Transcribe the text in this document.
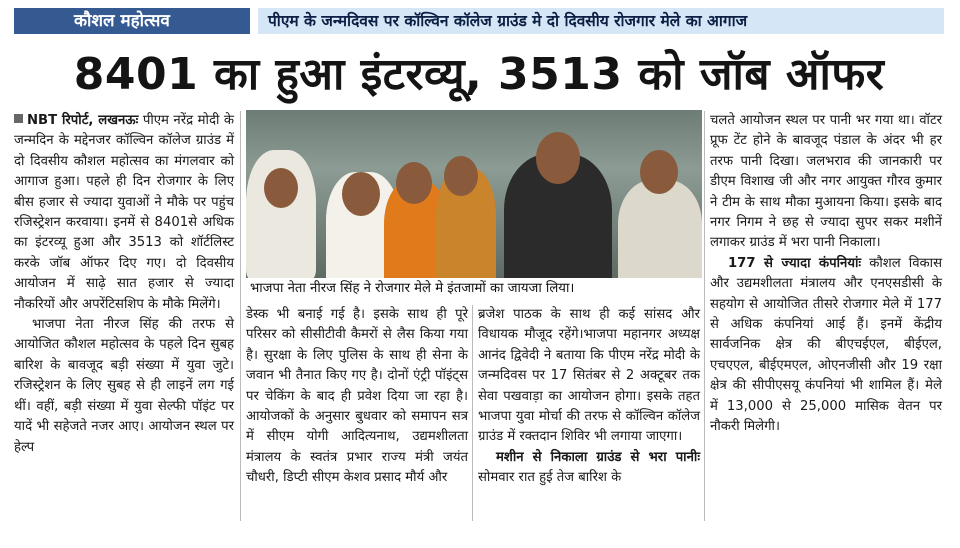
कौशल महोत्सव	पीएम के जन्मदिवस पर कॉल्विन कॉलेज ग्राउंड मे दो दिवसीय रोजगार मेले का आगाज
8401 का हुआ इंटरव्यू, 3513 को जॉब ऑफर

NBT रिपोर्ट, लखनऊः पीएम नरेंद्र मोदी के जन्मदिन के मद्देनजर कॉल्विन कॉलेज ग्राउंड में दो दिवसीय कौशल महोत्सव का मंगलवार को आगाज हुआ। पहले ही दिन रोजगार के लिए बीस हजार से ज्यादा युवाओं ने मौके पर पहुंच रजिस्ट्रेशन करवाया। इनमें से 8401से अधिक का इंटरव्यू हुआ और 3513 को शॉर्टलिस्ट करके जॉब ऑफर दिए गए। दो दिवसीय आयोजन में साढ़े सात हजार से ज्यादा नौकरियों और अपरेंटिसशिप के मौके मिलेंगे।

भाजपा नेता नीरज सिंह की तरफ से आयोजित कौशल महोत्सव के पहले दिन सुबह बारिश के बावजूद बड़ी संख्या में युवा जुटे। रजिस्ट्रेशन के लिए सुबह से ही लाइनें लग गई थीं। वहीं, बड़ी संख्या में युवा सेल्फी पॉइंट पर यादें भी सहेजते नजर आए। आयोजन स्थल पर हेल्प

भाजपा नेता नीरज सिंह ने रोजगार मेले मे इंतजामों का जायजा लिया।

डेस्क भी बनाई गई है। इसके साथ ही पूरे परिसर को सीसीटीवी कैमरों से लैस किया गया है। सुरक्षा के लिए पुलिस के साथ ही सेना के जवान भी तैनात किए गए है। दोनों एंट्री पॉइंट्स पर चेकिंग के बाद ही प्रवेश दिया जा रहा है। आयोजकों के अनुसार बुधवार को समापन सत्र में सीएम योगी आदित्यनाथ, उद्यमशीलता मंत्रालय के स्वतंत्र प्रभार राज्य मंत्री जयंत चौधरी, डिप्टी सीएम केशव प्रसाद मौर्य और

ब्रजेश पाठक के साथ ही कई सांसद और विधायक मौजूद रहेंगे।भाजपा महानगर अध्यक्ष आनंद द्विवेदी ने बताया कि पीएम नरेंद्र मोदी के जन्मदिवस पर 17 सितंबर से 2 अक्टूबर तक सेवा पखवाड़ा का आयोजन होगा। इसके तहत भाजपा युवा मोर्चा की तरफ से कॉल्विन कॉलेज ग्राउंड में रक्तदान शिविर भी लगाया जाएगा।

मशीन से निकाला ग्राउंड से भरा पानीः सोमवार रात हुई तेज बारिश के

चलते आयोजन स्थल पर पानी भर गया था। वॉटर प्रूफ टेंट होने के बावजूद पंडाल के अंदर भी हर तरफ पानी दिखा। जलभराव की जानकारी पर डीएम विशाख जी और नगर आयुक्त गौरव कुमार ने टीम के साथ मौका मुआयना किया। इसके बाद नगर निगम ने छह से ज्यादा सुपर सकर मशीनें लगाकर ग्राउंड में भरा पानी निकाला।

177 से ज्यादा कंपनियांः कौशल विकास और उद्यमशीलता मंत्रालय और एनएसडीसी के सहयोग से आयोजित तीसरे रोजगार मेले में 177 से अधिक कंपनियां आई हैं। इनमें केंद्रीय सार्वजनिक क्षेत्र की बीएचईएल, बीईएल, एचएएल, बीईएमएल, ओएनजीसी और 19 रक्षा क्षेत्र की सीपीएसयू कंपनियां भी शामिल हैं। मेले में 13,000 से 25,000 मासिक वेतन पर नौकरी मिलेगी।
